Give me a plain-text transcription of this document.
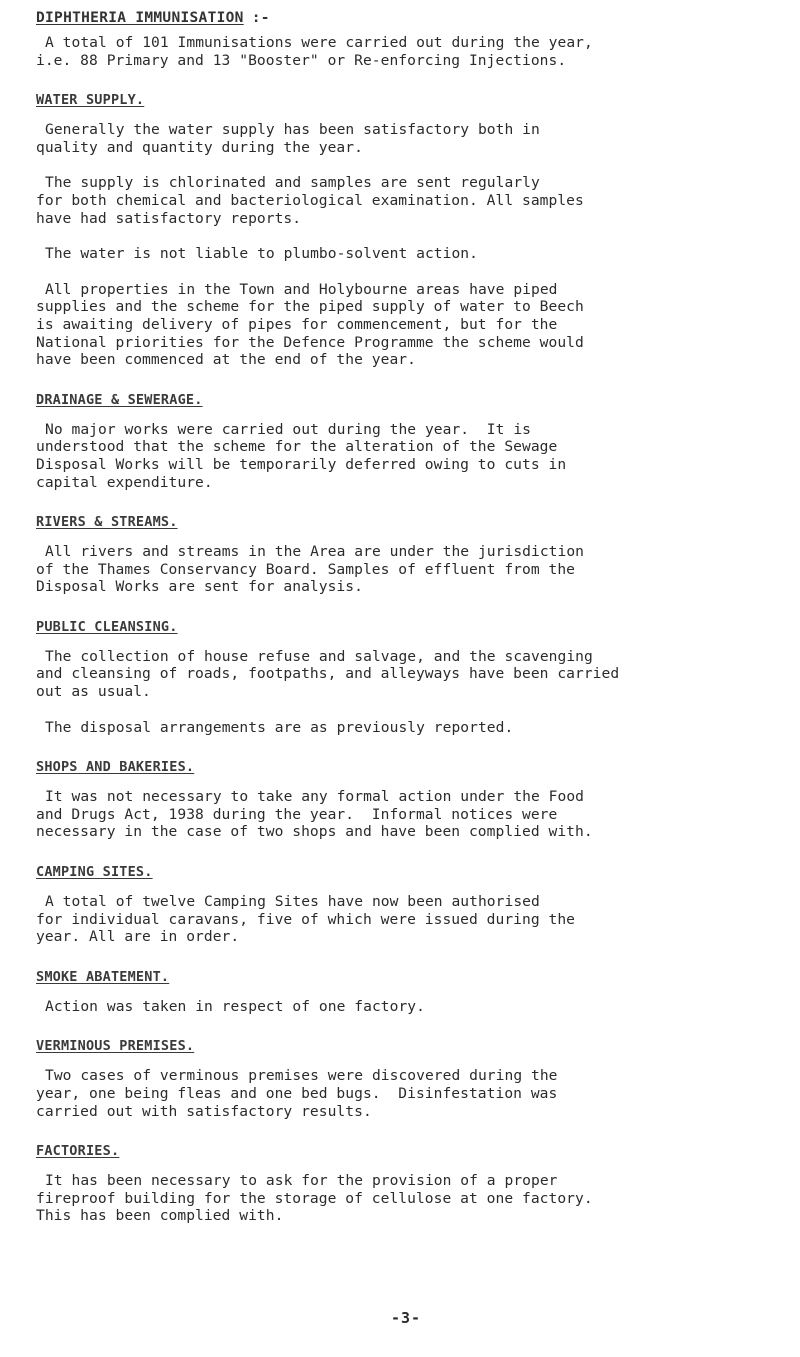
DIPHTHERIA IMMUNISATION :-

A total of 101 Immunisations were carried out during the year,
i.e. 88 Primary and 13 "Booster" or Re-enforcing Injections.

WATER SUPPLY.

Generally the water supply has been satisfactory both in
quality and quantity during the year.

The supply is chlorinated and samples are sent regularly
for both chemical and bacteriological examination. All samples
have had satisfactory reports.

The water is not liable to plumbo-solvent action.

All properties in the Town and Holybourne areas have piped
supplies and the scheme for the piped supply of water to Beech
is awaiting delivery of pipes for commencement, but for the
National priorities for the Defence Programme the scheme would
have been commenced at the end of the year.

DRAINAGE & SEWERAGE.

No major works were carried out during the year.  It is
understood that the scheme for the alteration of the Sewage
Disposal Works will be temporarily deferred owing to cuts in
capital expenditure.

RIVERS & STREAMS.

All rivers and streams in the Area are under the jurisdiction
of the Thames Conservancy Board. Samples of effluent from the
Disposal Works are sent for analysis.

PUBLIC CLEANSING.

The collection of house refuse and salvage, and the scavenging
and cleansing of roads, footpaths, and alleyways have been carried
out as usual.

The disposal arrangements are as previously reported.

SHOPS AND BAKERIES.

It was not necessary to take any formal action under the Food
and Drugs Act, 1938 during the year.  Informal notices were
necessary in the case of two shops and have been complied with.

CAMPING SITES.

A total of twelve Camping Sites have now been authorised
for individual caravans, five of which were issued during the
year. All are in order.

SMOKE ABATEMENT.

Action was taken in respect of one factory.

VERMINOUS PREMISES.

Two cases of verminous premises were discovered during the
year, one being fleas and one bed bugs.  Disinfestation was
carried out with satisfactory results.

FACTORIES.

It has been necessary to ask for the provision of a proper
fireproof building for the storage of cellulose at one factory.
This has been complied with.

-3-
